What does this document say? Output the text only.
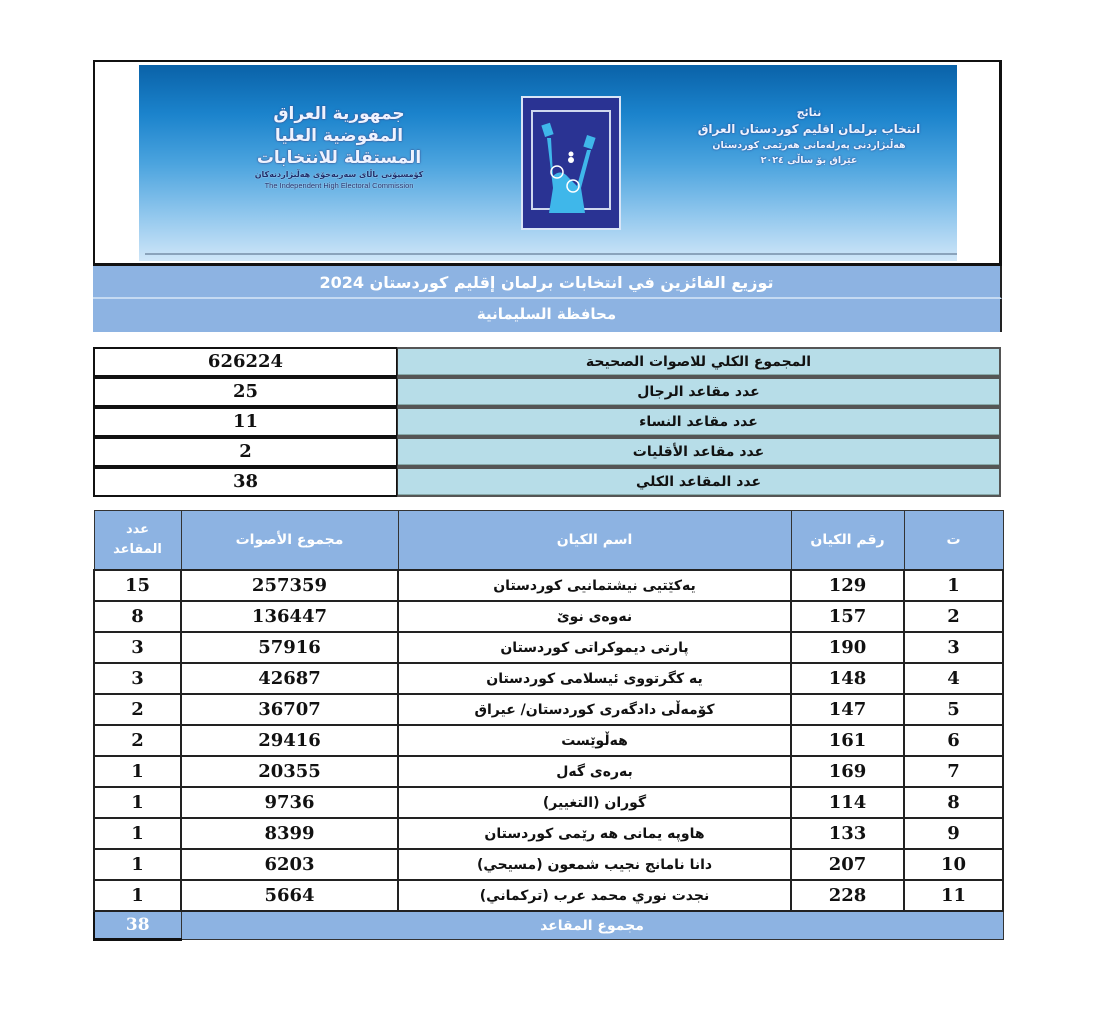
جمهورية العراق
المفوضية العليا المستقلة للانتخابات
كۆمسیۆنی باڵای سەربەخۆی هەڵبژاردنەکان
The Independent High Electoral Commission
نتائج
انتخاب برلمان اقليم كوردستان العراق
هەڵبژاردنی پەرلەمانی هەرێمی کوردستان
عێراق بۆ ساڵی ٢٠٢٤
توزيع الفائزين في انتخابات برلمان إقليم كوردستان 2024
محافظة السليمانية
626224	المجموع الكلي للاصوات الصحيحة
25	عدد مقاعد الرجال
11	عدد مقاعد النساء
2	عدد مقاعد الأقليات
38	عدد المقاعد الكلي
عدد
المقاعد	مجموع الأصوات	اسم الكيان	رقم الكيان	ت
15	257359	یەکێتیی نیشتمانیی کوردستان	129	1
8	136447	نەوەی نوێ	157	2
3	57916	پارتی دیموکراتی کوردستان	190	3
3	42687	یە کگرتووی ئیسلامی کوردستان	148	4
2	36707	کۆمەڵی دادگەری کوردستان/ عیراق	147	5
2	29416	هەڵوێست	161	6
1	20355	بەرەی گەل	169	7
1	9736	گوران (التغيير)	114	8
1	8399	هاوپه یمانی هه رێمی کوردستان	133	9
1	6203	دانا نامانج نجيب شمعون (مسيحي)	207	10
1	5664	نجدت نوري محمد عرب (تركماني)	228	11
38	مجموع المقاعد			
